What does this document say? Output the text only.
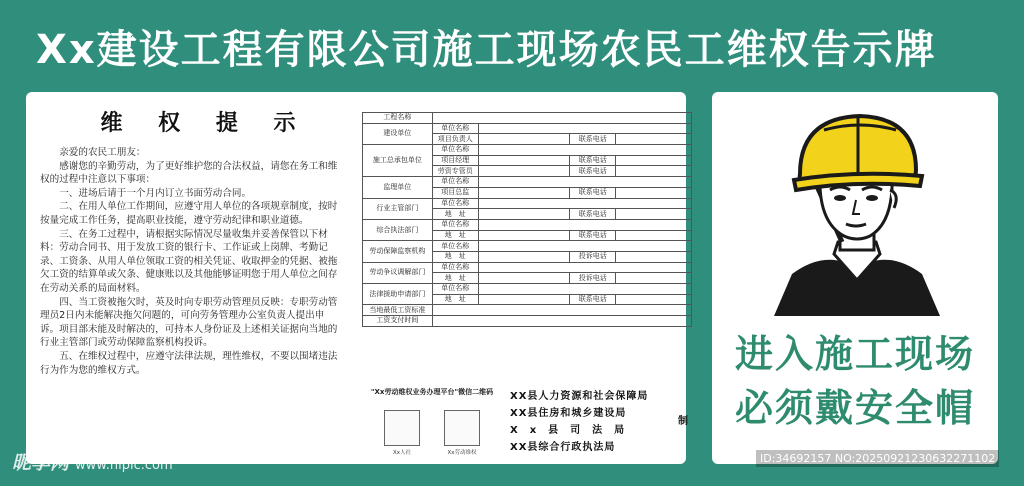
Xx建设工程有限公司施工现场农民工维权告示牌
维 权 提 示

亲爱的农民工朋友：

感谢您的辛勤劳动，为了更好维护您的合法权益，请您在务工和维权的过程中注意以下事项：

一、进场后请于一个月内订立书面劳动合同。

二、在用人单位工作期间，应遵守用人单位的各项规章制度，按时按量完成工作任务，提高职业技能，遵守劳动纪律和职业道德。

三、在务工过程中，请根据实际情况尽量收集并妥善保管以下材料：劳动合同书、用于发放工资的银行卡、工作证或上岗牌、考勤记录、工资条、从用人单位领取工资的相关凭证、收取押金的凭据、被拖欠工资的结算单或欠条、健康账以及其他能够证明您于用人单位之间存在劳动关系的局面材料。

四、当工资被拖欠时，英及时向专职劳动管理员反映：专职劳动管理员2日内未能解决拖欠问题的，可向劳务管理办公室负责人提出申诉。项目部未能及时解决的，可持本人身份证及上述相关证据向当地的行业主管部门或劳动保障监察机构投诉。

五、在维权过程中，应遵守法律法规，理性维权，不要以围堵违法行为作为您的维权方式。

工程名称				
建设单位	单位名称			
	项目负责人		联系电话	
施工总承包单位	单位名称			
	项目经理		联系电话	
	劳资专管员		联系电话	
监理单位	单位名称			
	项目总监		联系电话	
行业主管部门	单位名称			
	地　址		联系电话	
综合执法部门	单位名称			
	地　址		联系电话	
劳动保障监察机构	单位名称			
	地　址		投诉电话	
劳动争议调解部门	单位名称			
	地　址		投诉电话	
法律援助申请部门	单位名称			
	地　址		联系电话	
当地最低工资标准				
工资支付时间				
"Xx劳动维权业务办理平台"微信二维码
Xx人社	Xx劳动维权
XX县人力资源和社会保障局
XX县住房和城乡建设局
X　x　县　司　法　局
XX县综合行政执法局
制
进入施工现场
必须戴安全帽
昵享网 www.nipic.com	ID:34692157 NO:20250921230632271102
